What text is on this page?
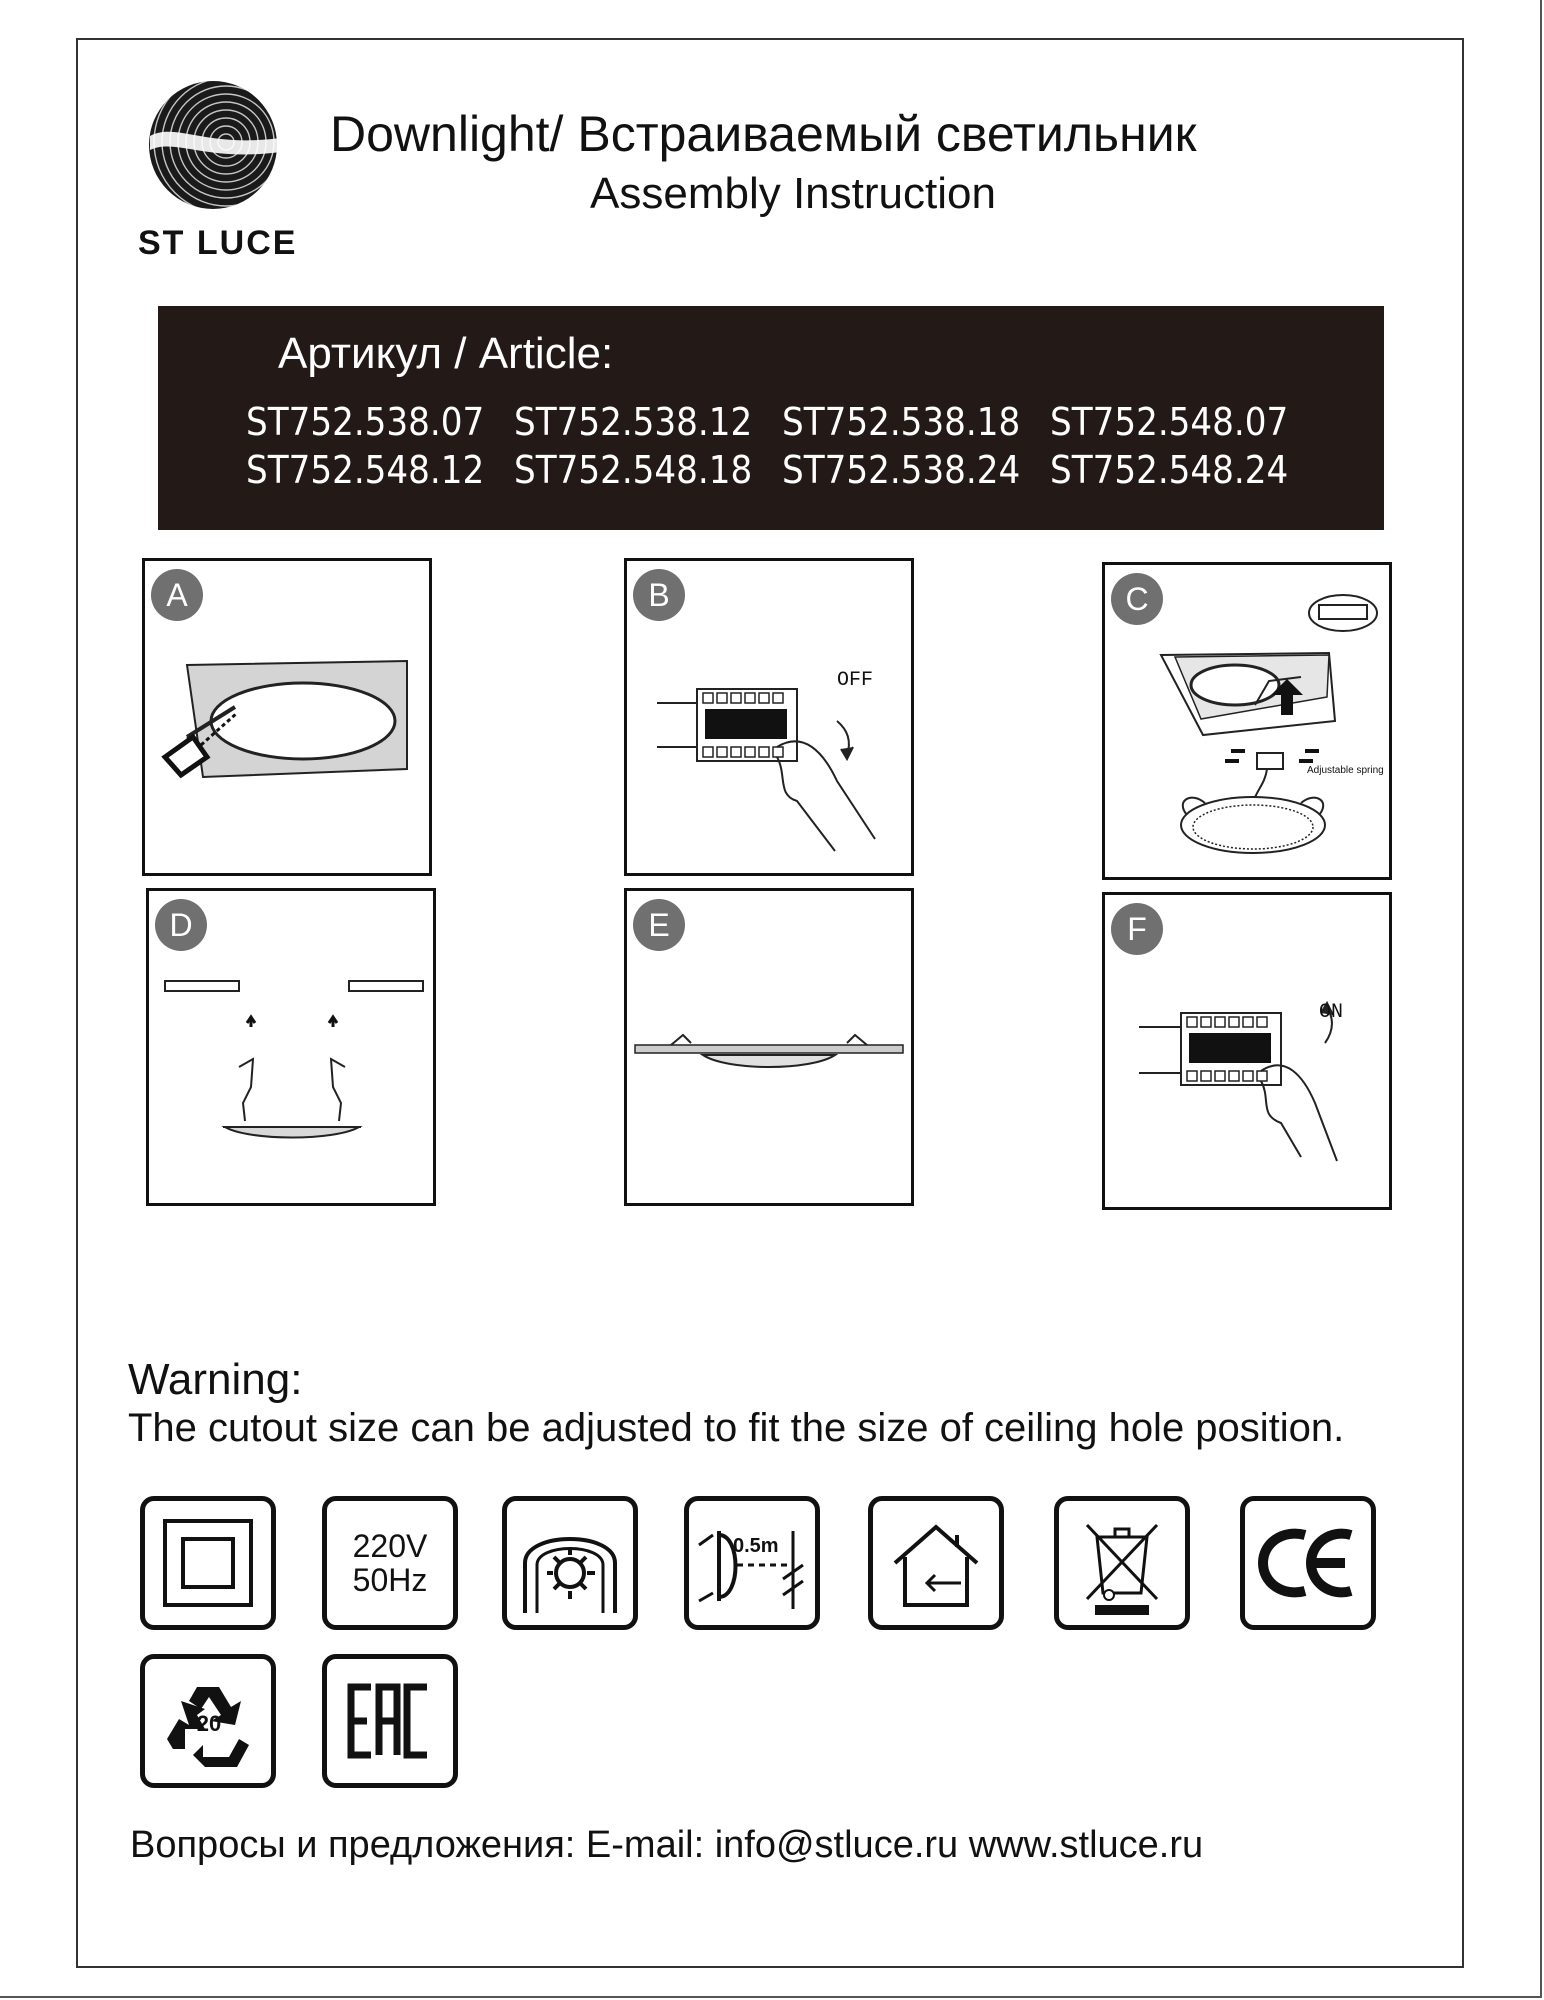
ST LUCE
Downlight/ Встраиваемый светильник
Assembly Instruction
Артикул / Article:
ST752.538.07 ST752.538.12 ST752.538.18 ST752.548.07
ST752.548.12 ST752.548.18 ST752.538.24 ST752.548.24
A	B
OFF
C
Adjustable spring
D	E	F
ON
Warning:
The cutout size can be adjusted to fit the size of ceiling hole position.
220V
50Hz
0.5m
20
Вопросы и предложения: E-mail: info@stluce.ru www.stluce.ru
